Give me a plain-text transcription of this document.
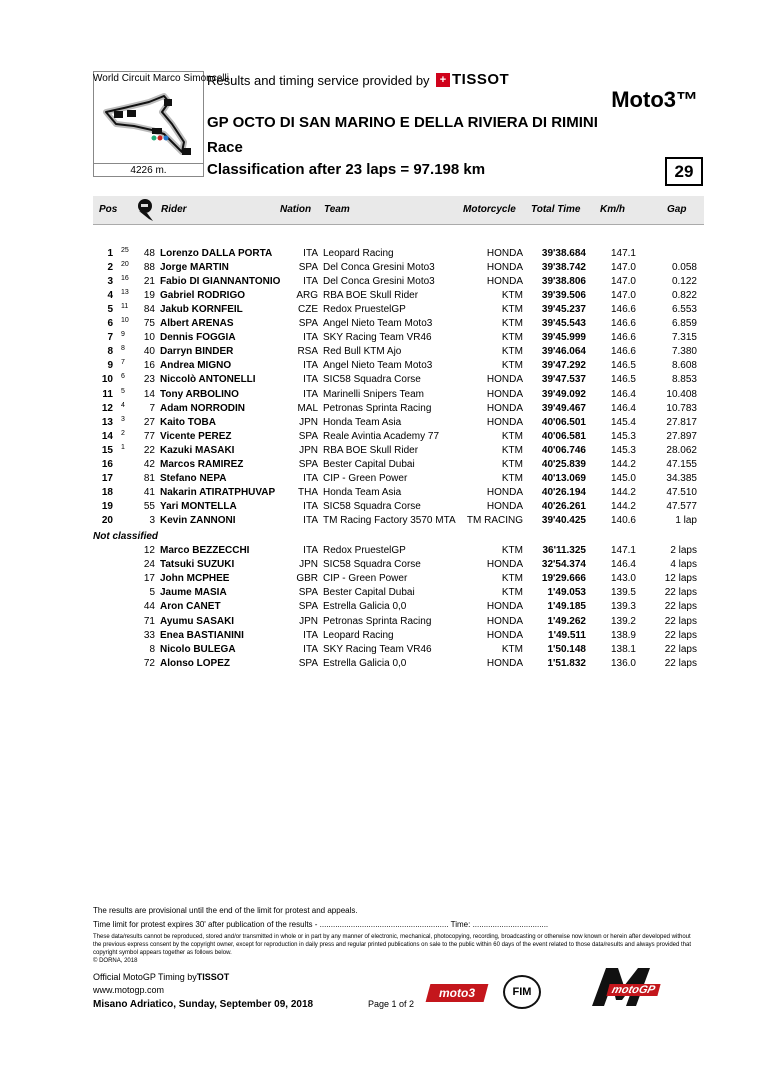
World Circuit Marco Simoncelli
4226 m.
Results and timing service provided by + TISSOT
Moto3™
GP OCTO DI SAN MARINO E DELLA RIVIERA DI RIMINI
Race
Classification after 23 laps = 97.198 km	29
Pos	Rider	Nation Team	Motorcycle Total Time Km/h	Gap
1 25	48 Lorenzo DALLA PORTA	ITA Leopard Racing	HONDA	39'38.684	147.1
2 20	88 Jorge MARTIN	SPA Del Conca Gresini Moto3	HONDA	39'38.742	147.0	0.058
3 16	21 Fabio DI GIANNANTONIO	ITA Del Conca Gresini Moto3	HONDA	39'38.806	147.0	0.122
4 13	19 Gabriel RODRIGO	ARG RBA BOE Skull Rider	KTM	39'39.506	147.0	0.822
5 11	84 Jakub KORNFEIL	CZE Redox PruestelGP	KTM	39'45.237	146.6	6.553
6 10	75 Albert ARENAS	SPA Angel Nieto Team Moto3	KTM	39'45.543	146.6	6.859
7 9	10 Dennis FOGGIA	ITA SKY Racing Team VR46	KTM	39'45.999	146.6	7.315
8 8	40 Darryn BINDER	RSA Red Bull KTM Ajo	KTM	39'46.064	146.6	7.380
9 7	16 Andrea MIGNO	ITA Angel Nieto Team Moto3	KTM	39'47.292	146.5	8.608
10 6	23 Niccolò ANTONELLI	ITA SIC58 Squadra Corse	HONDA	39'47.537	146.5	8.853
11 5	14 Tony ARBOLINO	ITA Marinelli Snipers Team	HONDA	39'49.092	146.4	10.408
12 4	7 Adam NORRODIN	MAL Petronas Sprinta Racing	HONDA	39'49.467	146.4	10.783
13 3	27 Kaito TOBA	JPN Honda Team Asia	HONDA	40'06.501	145.4	27.817
14 2	77 Vicente PEREZ	SPA Reale Avintia Academy 77	KTM	40'06.581	145.3	27.897
15 1	22 Kazuki MASAKI	JPN RBA BOE Skull Rider	KTM	40'06.746	145.3	28.062
16	42 Marcos RAMIREZ	SPA Bester Capital Dubai	KTM	40'25.839	144.2	47.155
17	81 Stefano NEPA	ITA CIP - Green Power	KTM	40'13.069	145.0	34.385
18	41 Nakarin ATIRATPHUVAP	THA Honda Team Asia	HONDA	40'26.194	144.2	47.510
19	55 Yari MONTELLA	ITA SIC58 Squadra Corse	HONDA	40'26.261	144.2	47.577
20	3 Kevin ZANNONI	ITA TM Racing Factory 3570 MTA	TM RACING	39'40.425	140.6	1 lap
Not classified
12 Marco BEZZECCHI	ITA Redox PruestelGP	KTM	36'11.325	147.1	2 laps
24 Tatsuki SUZUKI	JPN SIC58 Squadra Corse	HONDA	32'54.374	146.4	4 laps
17 John MCPHEE	GBR CIP - Green Power	KTM	19'29.666	143.0	12 laps
5 Jaume MASIA	SPA Bester Capital Dubai	KTM	1'49.053	139.5	22 laps
44 Aron CANET	SPA Estrella Galicia 0,0	HONDA	1'49.185	139.3	22 laps
71 Ayumu SASAKI	JPN Petronas Sprinta Racing	HONDA	1'49.262	139.2	22 laps
33 Enea BASTIANINI	ITA Leopard Racing	HONDA	1'49.511	138.9	22 laps
8 Nicolo BULEGA	ITA SKY Racing Team VR46	KTM	1'50.148	138.1	22 laps
72 Alonso LOPEZ	SPA Estrella Galicia 0,0	HONDA	1'51.832	136.0	22 laps
The results are provisional until the end of the limit for protest and appeals.
Time limit for protest expires 30' after publication of the results - .......................................................... Time: ..................................
These data/results cannot be reproduced, stored and/or transmitted in whole or in part by any manner of electronic, mechanical, photocopying, recording, broadcasting or otherwise now known or herein after developed without the previous express consent by the copyright owner, except for reproduction in daily press and regular printed publications on sale to the public within 60 days of the event related to those data/results and always provided that copyright symbol appears together as follows below.
© DORNA, 2018
Official MotoGP Timing byTISSOT
www.motogp.com
Misano Adriatico, Sunday, September 09, 2018	Page 1 of 2
moto3	FIM	motoGP
